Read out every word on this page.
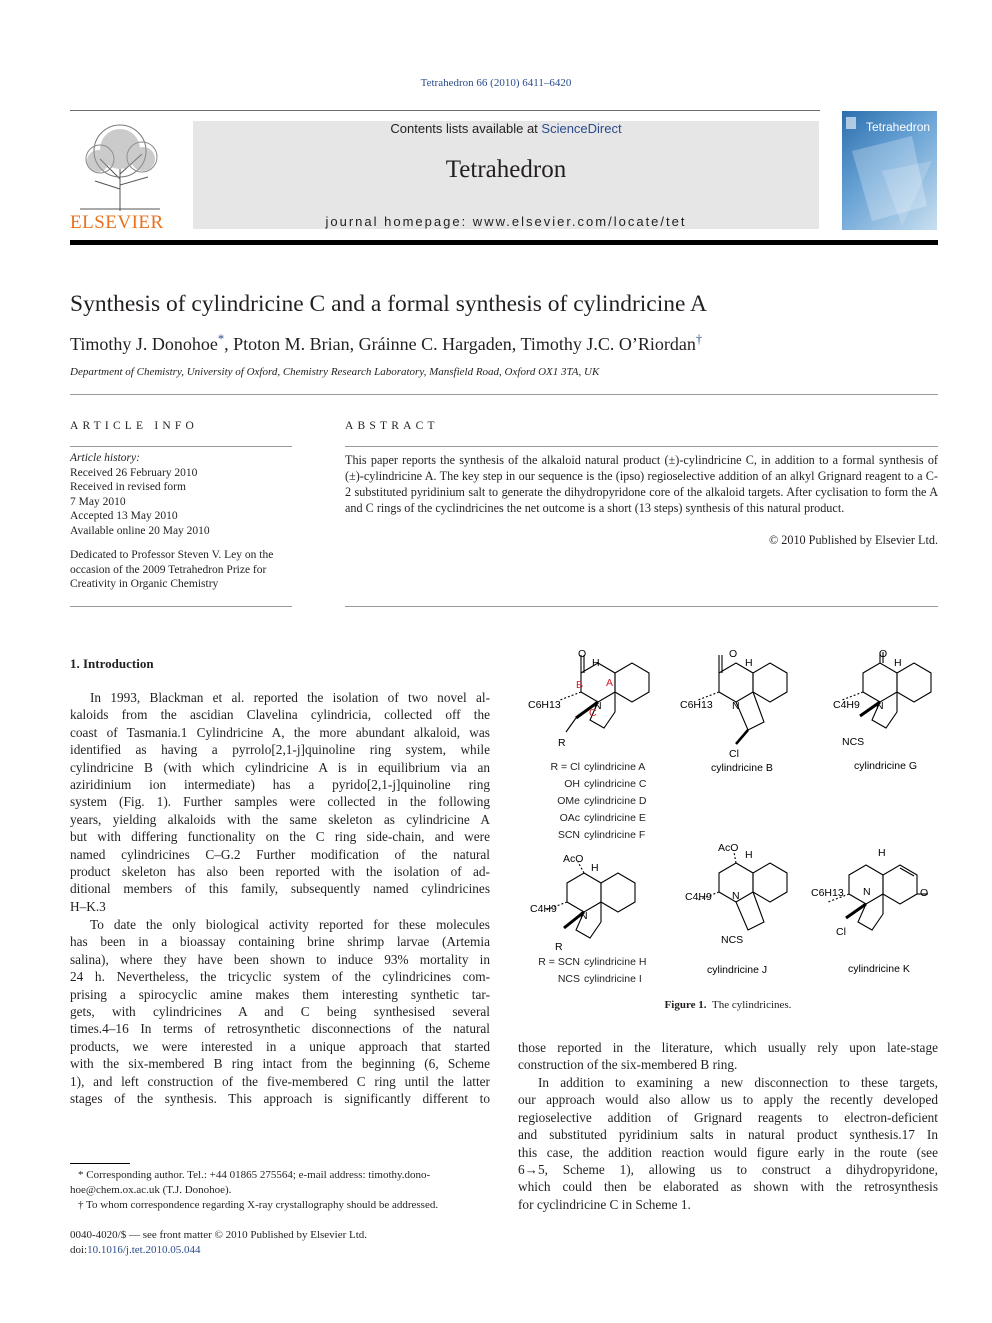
Tetrahedron 66 (2010) 6411–6420
ELSEVIER
Contents lists available at ScienceDirect
Tetrahedron
journal homepage: www.elsevier.com/locate/tet
Tetrahedron
Synthesis of cylindricine C and a formal synthesis of cylindricine A
Timothy J. Donohoe*, Ptoton M. Brian, Gráinne C. Hargaden, Timothy J.C. O’Riordan†
Department of Chemistry, University of Oxford, Chemistry Research Laboratory, Mansfield Road, Oxford OX1 3TA, UK
ARTICLE INFO
Article history:
Received 26 February 2010
Received in revised form
7 May 2010
Accepted 13 May 2010
Available online 20 May 2010
Dedicated to Professor Steven V. Ley on the
occasion of the 2009 Tetrahedron Prize for
Creativity in Organic Chemistry
ABSTRACT
This paper reports the synthesis of the alkaloid natural product (±)-cylindricine C, in addition to a formal synthesis of (±)-cylindricine A. The key step in our sequence is the (ipso) regioselective addition of an alkyl Grignard reagent to a C-2 substituted pyridinium salt to generate the dihydropyridone core of the alkaloid targets. After cyclisation to form the A and C rings of the cyclindricines the net outcome is a short (13 steps) synthesis of this natural product.
© 2010 Published by Elsevier Ltd.
1. Introduction
In 1993, Blackman et al. reported the isolation of two novel al-
kaloids from the ascidian Clavelina cylindricia, collected off the
coast of Tasmania.1 Cylindricine A, the more abundant alkaloid, was
identified as having a pyrrolo[2,1-j]quinoline ring system, while
cylindricine B (with which cylindricine A is in equilibrium via an
aziridinium ion intermediate) has a pyrido[2,1-j]quinoline ring
system (Fig. 1). Further samples were collected in the following
years, yielding alkaloids with the same skeleton as cylindricine A
but with differing functionality on the C ring side-chain, and were
named cylindricines C–G.2 Further modification of the natural
product skeleton has also been reported with the isolation of ad-
ditional members of this family, subsequently named cylindricines
H–K.3
To date the only biological activity reported for these molecules
has been in a bioassay containing brine shrimp larvae (Artemia
salina), where they have been shown to induce 93% mortality in
24 h. Nevertheless, the tricyclic system of the cylindricines com-
prising a spirocyclic amine makes them interesting synthetic tar-
gets, with cylindricines A and C being synthesised several
times.4–16 In terms of retrosynthetic disconnections of the natural
products, we were interested in a unique approach that started
with the six-membered B ring intact from the beginning (6, Scheme
1), and left construction of the five-membered C ring until the latter
stages of the synthesis. This approach is significantly different to
those reported in the literature, which usually rely upon late-stage
construction of the six-membered B ring.
In addition to examining a new disconnection to these targets,
our approach would also allow us to apply the recently developed
regioselective addition of Grignard reagents to electron-deficient
and substituted pyridinium salts in natural product synthesis.17 In
this case, the addition reaction would figure early in the route (see
6→5, Scheme 1), allowing us to construct a dihydropyridone,
which could then be elaborated as shown with the retrosynthesis
for cyclindricine C in Scheme 1.
O
H
B A
C
N
C6H13
R
O
H
N
C6H13
Cl
cylindricine B
O
H
N
C4H9
NCS
cylindricine G
AcO
H
N
C4H9
R
AcO
H
N
C4H9
NCS
cylindricine J
H
N	O
C6H13
Cl
cylindricine K
R = Cl cylindricine A
OH cylindricine C
OMe cylindricine D
OAc cylindricine E
SCN cylindricine F
R = SCN cylindricine H
NCS cylindricine I
Figure 1. The cylindricines.
* Corresponding author. Tel.: +44 01865 275564; e-mail address: timothy.dono-
hoe@chem.ox.ac.uk (T.J. Donohoe).
† To whom correspondence regarding X-ray crystallography should be addressed.
0040-4020/$ — see front matter © 2010 Published by Elsevier Ltd.
doi:10.1016/j.tet.2010.05.044
